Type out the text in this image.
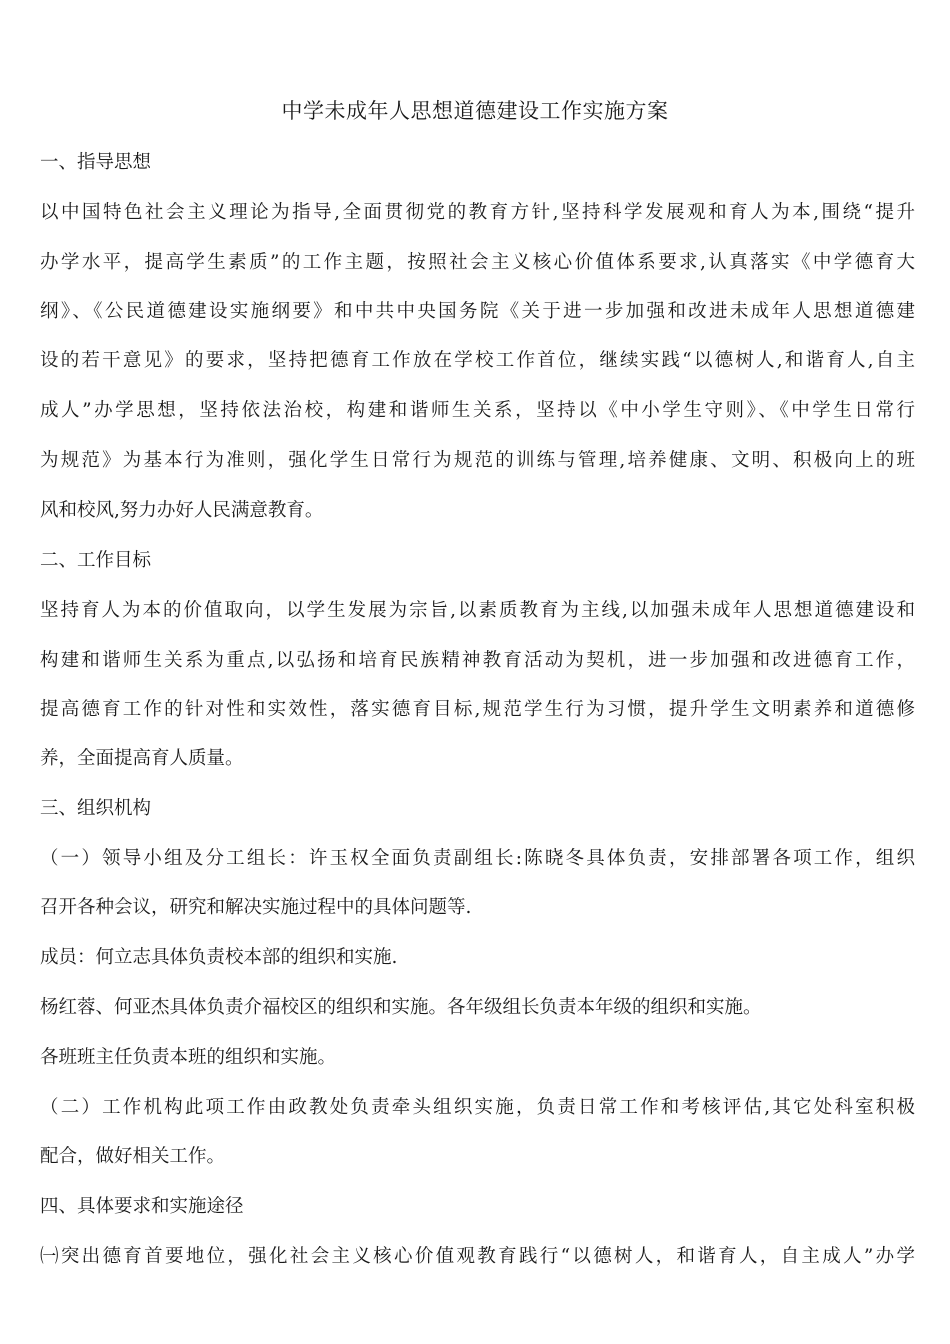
中学未成年人思想道德建设工作实施方案
一、指导思想
以中国特色社会主义理论为指导,全面贯彻党的教育方针,坚持科学发展观和育人为本,围绕“提升
办学水平，提高学生素质”的工作主题，按照社会主义核心价值体系要求,认真落实《中学德育大
纲》、《公民道德建设实施纲要》和中共中央国务院《关于进一步加强和改进未成年人思想道德建
设的若干意见》的要求，坚持把德育工作放在学校工作首位，继续实践“以德树人,和谐育人,自主
成人”办学思想，坚持依法治校，构建和谐师生关系，坚持以《中小学生守则》、《中学生日常行
为规范》为基本行为准则，强化学生日常行为规范的训练与管理,培养健康、文明、积极向上的班
风和校风,努力办好人民满意教育。
二、工作目标
坚持育人为本的价值取向，以学生发展为宗旨,以素质教育为主线,以加强未成年人思想道德建设和
构建和谐师生关系为重点,以弘扬和培育民族精神教育活动为契机，进一步加强和改进德育工作，
提高德育工作的针对性和实效性，落实德育目标,规范学生行为习惯，提升学生文明素养和道德修
养，全面提高育人质量。
三、组织机构
（一）领导小组及分工组长：许玉权全面负责副组长:陈晓冬具体负责，安排部署各项工作，组织
召开各种会议，研究和解决实施过程中的具体问题等.
成员：何立志具体负责校本部的组织和实施.
杨红蓉、何亚杰具体负责介福校区的组织和实施。各年级组长负责本年级的组织和实施。
各班班主任负责本班的组织和实施。
（二）工作机构此项工作由政教处负责牵头组织实施，负责日常工作和考核评估,其它处科室积极
配合，做好相关工作。
四、具体要求和实施途径
㈠突出德育首要地位，强化社会主义核心价值观教育践行“以德树人，和谐育人，自主成人”办学
